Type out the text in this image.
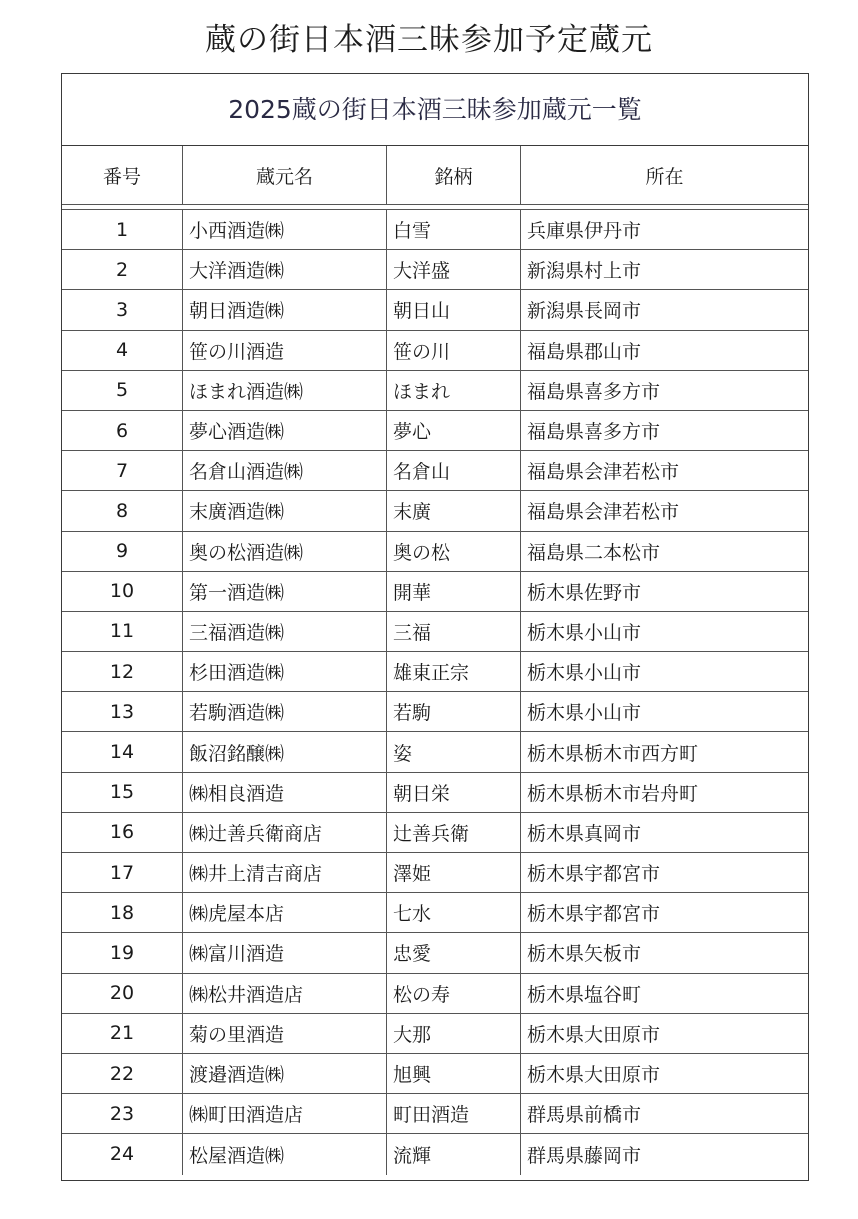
蔵の街日本酒三昧参加予定蔵元
2025蔵の街日本酒三昧参加蔵元一覧
番号	蔵元名	銘柄	所在
1	小西酒造㈱	白雪	兵庫県伊丹市
2	大洋酒造㈱	大洋盛	新潟県村上市
3	朝日酒造㈱	朝日山	新潟県長岡市
4	笹の川酒造	笹の川	福島県郡山市
5	ほまれ酒造㈱	ほまれ	福島県喜多方市
6	夢心酒造㈱	夢心	福島県喜多方市
7	名倉山酒造㈱	名倉山	福島県会津若松市
8	末廣酒造㈱	末廣	福島県会津若松市
9	奥の松酒造㈱	奥の松	福島県二本松市
10	第一酒造㈱	開華	栃木県佐野市
11	三福酒造㈱	三福	栃木県小山市
12	杉田酒造㈱	雄東正宗	栃木県小山市
13	若駒酒造㈱	若駒	栃木県小山市
14	飯沼銘醸㈱	姿	栃木県栃木市西方町
15	㈱相良酒造	朝日栄	栃木県栃木市岩舟町
16	㈱辻善兵衛商店	辻善兵衛	栃木県真岡市
17	㈱井上清吉商店	澤姫	栃木県宇都宮市
18	㈱虎屋本店	七水	栃木県宇都宮市
19	㈱富川酒造	忠愛	栃木県矢板市
20	㈱松井酒造店	松の寿	栃木県塩谷町
21	菊の里酒造	大那	栃木県大田原市
22	渡邉酒造㈱	旭興	栃木県大田原市
23	㈱町田酒造店	町田酒造	群馬県前橋市
24	松屋酒造㈱	流輝	群馬県藤岡市
